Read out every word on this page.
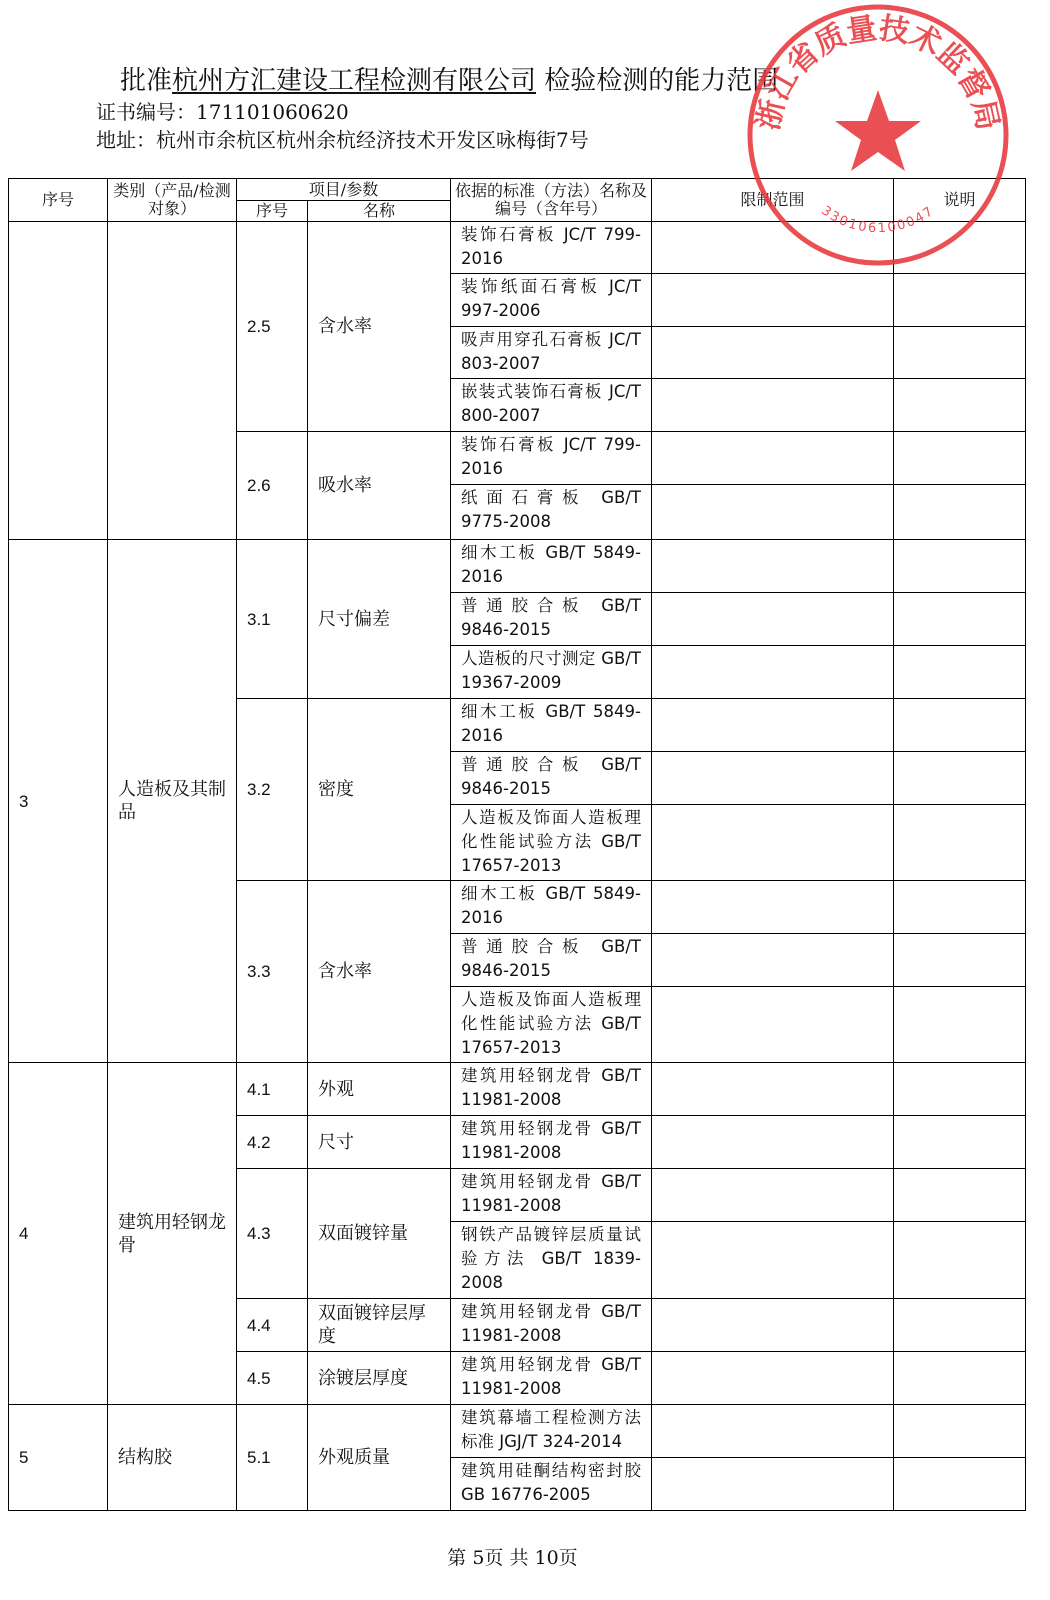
批准杭州方汇建设工程检测有限公司 检验检测的能力范围
证书编号：171101060620
地址：杭州市余杭区杭州余杭经济技术开发区咏梅街7号
序号	类别（产品/检测对象）	项目/参数		依据的标准（方法）名称及编号（含年号）	限制范围	说明
		序号	名称			
		2.5	含水率	装饰石膏板 JC/T 799-2016		
				装饰纸面石膏板 JC/T 997-2006		
				吸声用穿孔石膏板 JC/T 803-2007		
				嵌装式装饰石膏板 JC/T 800-2007		
		2.6	吸水率	装饰石膏板 JC/T 799-2016		
				纸面石膏板 GB/T 9775-2008		
3	人造板及其制品	3.1	尺寸偏差	细木工板 GB/T 5849-2016		
				普通胶合板 GB/T 9846-2015		
				人造板的尺寸测定 GB/T 19367-2009		
		3.2	密度	细木工板 GB/T 5849-2016		
				普通胶合板 GB/T 9846-2015		
				人造板及饰面人造板理化性能试验方法 GB/T 17657-2013		
		3.3	含水率	细木工板 GB/T 5849-2016		
				普通胶合板 GB/T 9846-2015		
				人造板及饰面人造板理化性能试验方法 GB/T 17657-2013		
4	建筑用轻钢龙骨	4.1	外观	建筑用轻钢龙骨 GB/T 11981-2008		
		4.2	尺寸	建筑用轻钢龙骨 GB/T 11981-2008		
		4.3	双面镀锌量	建筑用轻钢龙骨 GB/T 11981-2008		
				钢铁产品镀锌层质量试验方法 GB/T 1839-2008		
		4.4	双面镀锌层厚度	建筑用轻钢龙骨 GB/T 11981-2008		
		4.5	涂镀层厚度	建筑用轻钢龙骨 GB/T 11981-2008		
5	结构胶	5.1	外观质量	建筑幕墙工程检测方法标准 JGJ/T 324-2014		
				建筑用硅酮结构密封胶 GB 16776-2005		
浙江省质量技术监督局
330106100047
第 5页 共 10页
